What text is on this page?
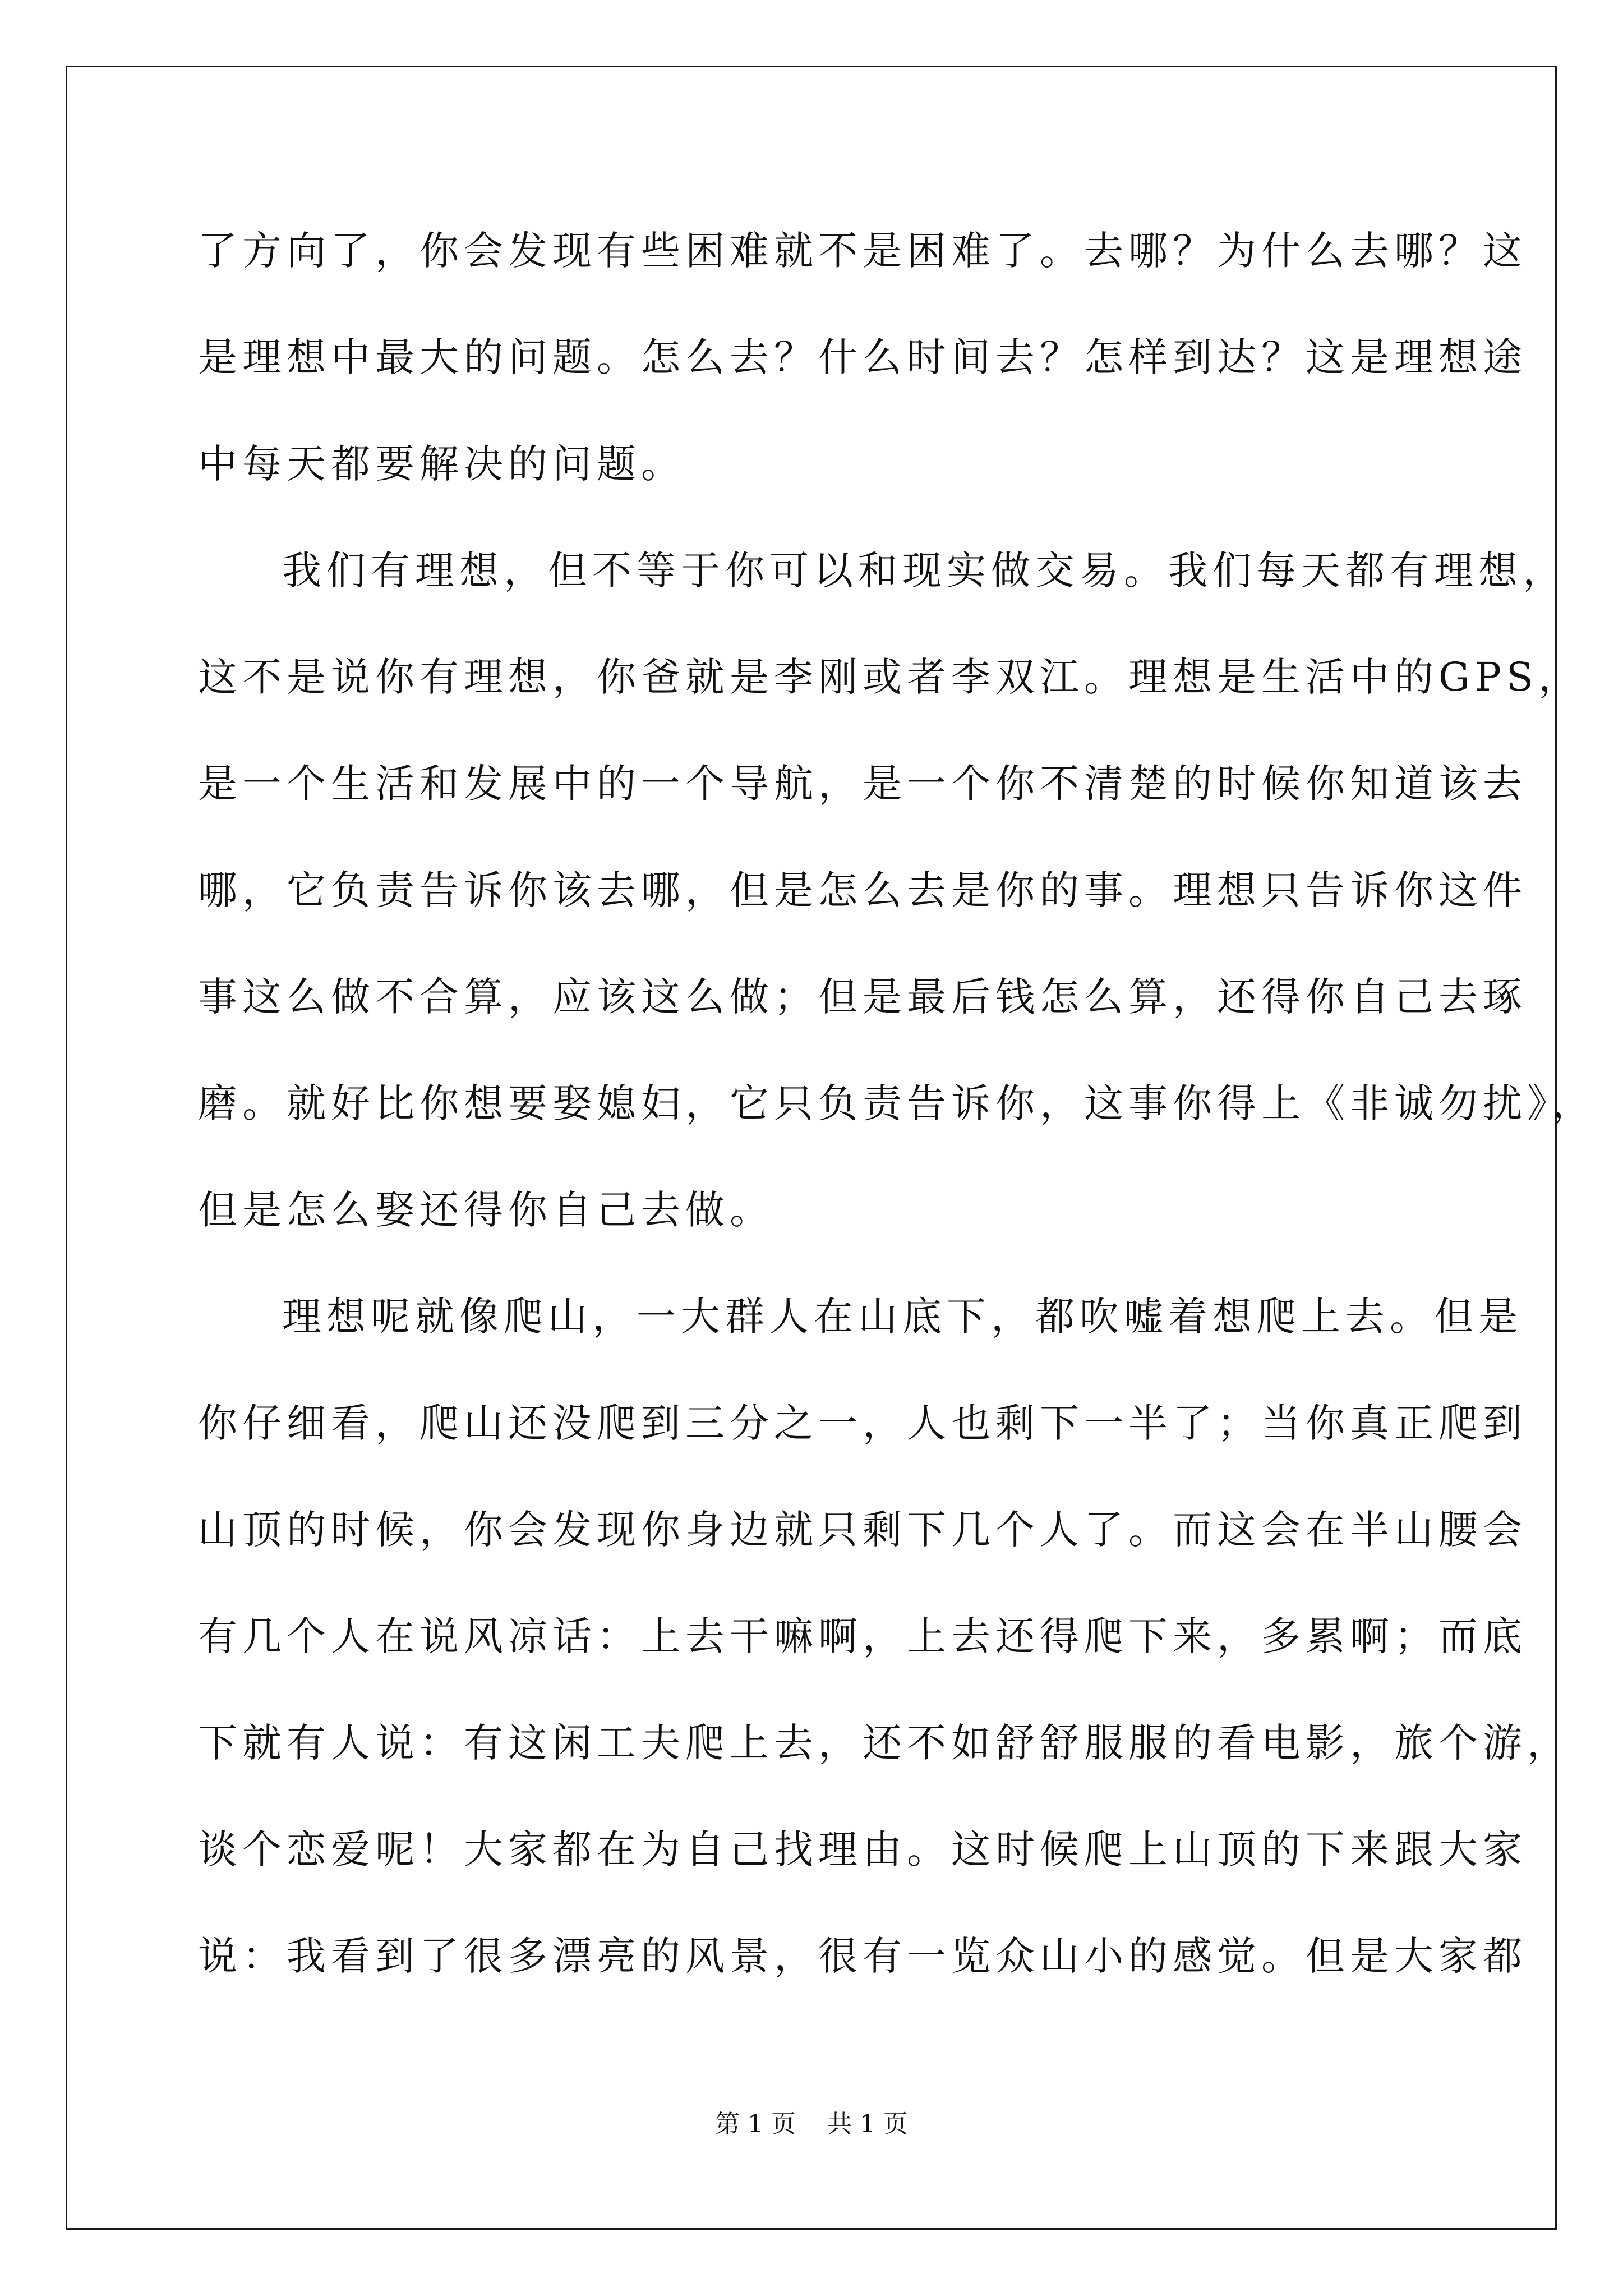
了方向了，你会发现有些困难就不是困难了。去哪？为什么去哪？这
是理想中最大的问题。怎么去？什么时间去？怎样到达？这是理想途
中每天都要解决的问题。
我们有理想，但不等于你可以和现实做交易。我们每天都有理想，
这不是说你有理想，你爸就是李刚或者李双江。理想是生活中的GPS，
是一个生活和发展中的一个导航，是一个你不清楚的时候你知道该去
哪，它负责告诉你该去哪，但是怎么去是你的事。理想只告诉你这件
事这么做不合算，应该这么做；但是最后钱怎么算，还得你自己去琢
磨。就好比你想要娶媳妇，它只负责告诉你，这事你得上《非诚勿扰》，
但是怎么娶还得你自己去做。
理想呢就像爬山，一大群人在山底下，都吹嘘着想爬上去。但是
你仔细看，爬山还没爬到三分之一，人也剩下一半了；当你真正爬到
山顶的时候，你会发现你身边就只剩下几个人了。而这会在半山腰会
有几个人在说风凉话：上去干嘛啊，上去还得爬下来，多累啊；而底
下就有人说：有这闲工夫爬上去，还不如舒舒服服的看电影，旅个游，
谈个恋爱呢！大家都在为自己找理由。这时候爬上山顶的下来跟大家
说：我看到了很多漂亮的风景，很有一览众山小的感觉。但是大家都
第 1 页    共 1 页
